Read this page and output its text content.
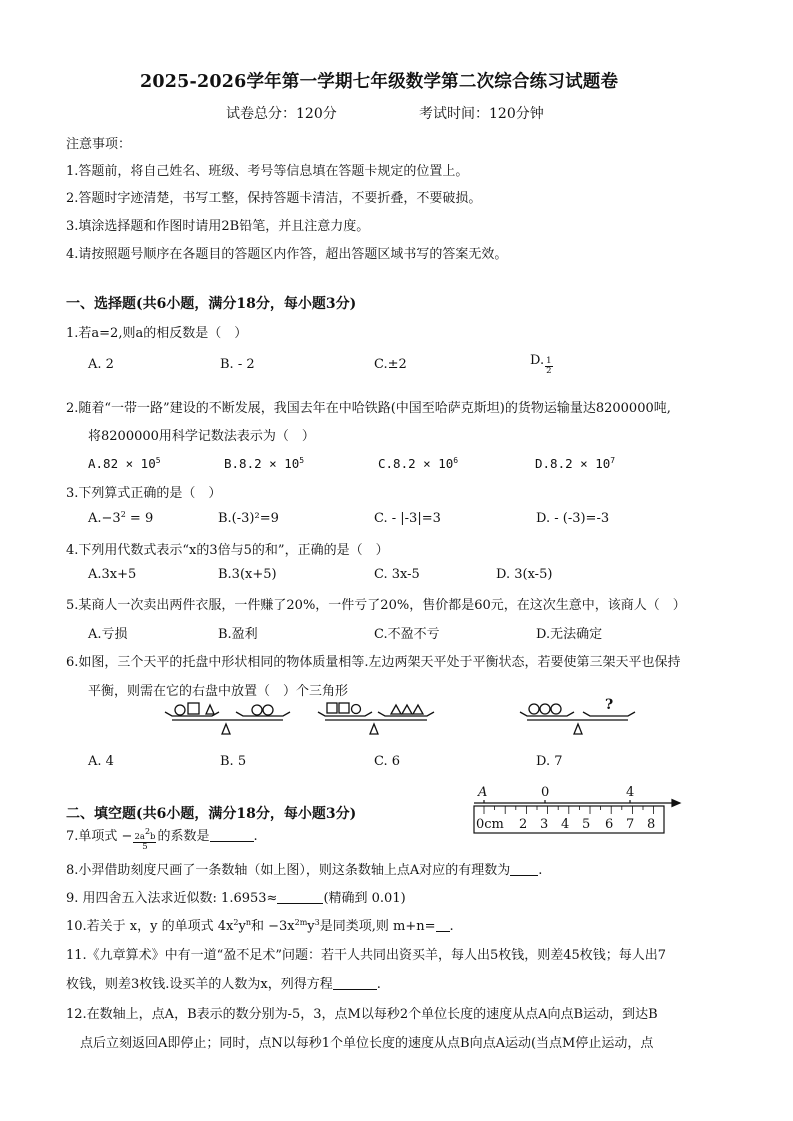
2025-2026学年第一学期七年级数学第二次综合练习试题卷
试卷总分：120分	考试时间：120分钟
注意事项：
1.答题前，将自己姓名、班级、考号等信息填在答题卡规定的位置上。
2.答题时字迹清楚，书写工整，保持答题卡清洁，不要折叠，不要破损。
3.填涂选择题和作图时请用2B铅笔，并且注意力度。
4.请按照题号顺序在各题目的答题区内作答，超出答题区域书写的答案无效。
一、选择题(共6小题，满分18分，每小题3分)
1.若a=2,则a的相反数是（　）
A. 2	B. - 2	C.±2	D. $\frac{1}{2}$
2.随着“一带一路”建设的不断发展，我国去年在中哈铁路(中国至哈萨克斯坦)的货物运输量达8200000吨,
将8200000用科学记数法表示为（　）
$A.82 \times 10^5$	$B.8.2 \times 10^5$	$C.8.2 \times 10^6$	$D.8.2 \times 10^7$
3.下列算式正确的是（　）
$A.-3^2 = 9$	B.(-3)²=9	C. - |-3|=3	D. - (-3)=-3
4.下列用代数式表示“x的3倍与5的和”，正确的是（　）
A.3x+5	B.3(x+5)	C. 3x-5	D. 3(x-5)
5.某商人一次卖出两件衣服，一件赚了20%，一件亏了20%，售价都是60元，在这次生意中，该商人（　）
A.亏损	B.盈利	C.不盈不亏	D.无法确定
6.如图，三个天平的托盘中形状相同的物体质量相等.左边两架天平处于平衡状态，若要使第三架天平也保持
平衡，则需在它的右盘中放置（　）个三角形
?
A. 4	B. 5	C. 6	D. 7
二、填空题(共6小题，满分18分，每小题3分)
A	0	4
0cm 2 3 4 5 6 7 8
7.单项式 − $\frac{2a^2b}{5}$ 的系数是	.
8.小羿借助刻度尺画了一条数轴（如上图），则这条数轴上点A对应的有理数为 .
9. 用四舍五入法求近似数: 1.6953≈	(精确到 0.01)
10.若关于 x，y 的单项式 $4x^2y^n$和 $-3x^{2m}y^3$是同类项,则 m+n= .
11.《九章算术》中有一道“盈不足术”问题：若干人共同出资买羊，每人出5枚钱，则差45枚钱；每人出7
枚钱，则差3枚钱.设买羊的人数为x，列得方程	.
12.在数轴上，点A，B表示的数分别为-5，3，点M以每秒2个单位长度的速度从点A向点B运动，到达B
点后立刻返回A即停止；同时，点N以每秒1个单位长度的速度从点B向点A运动(当点M停止运动，点
